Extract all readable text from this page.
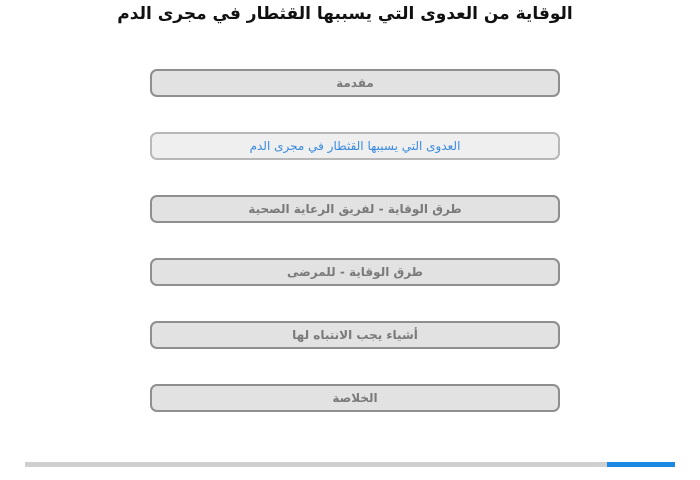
الوقاية من العدوى التي يسببها القثطار في مجرى الدم
مقدمة
العدوى التي يسببها القثطار في مجرى الدم
طرق الوقاية - لفريق الرعاية الصحية
طرق الوقاية - للمرضى
أشياء يجب الانتباه لها
الخلاصة
